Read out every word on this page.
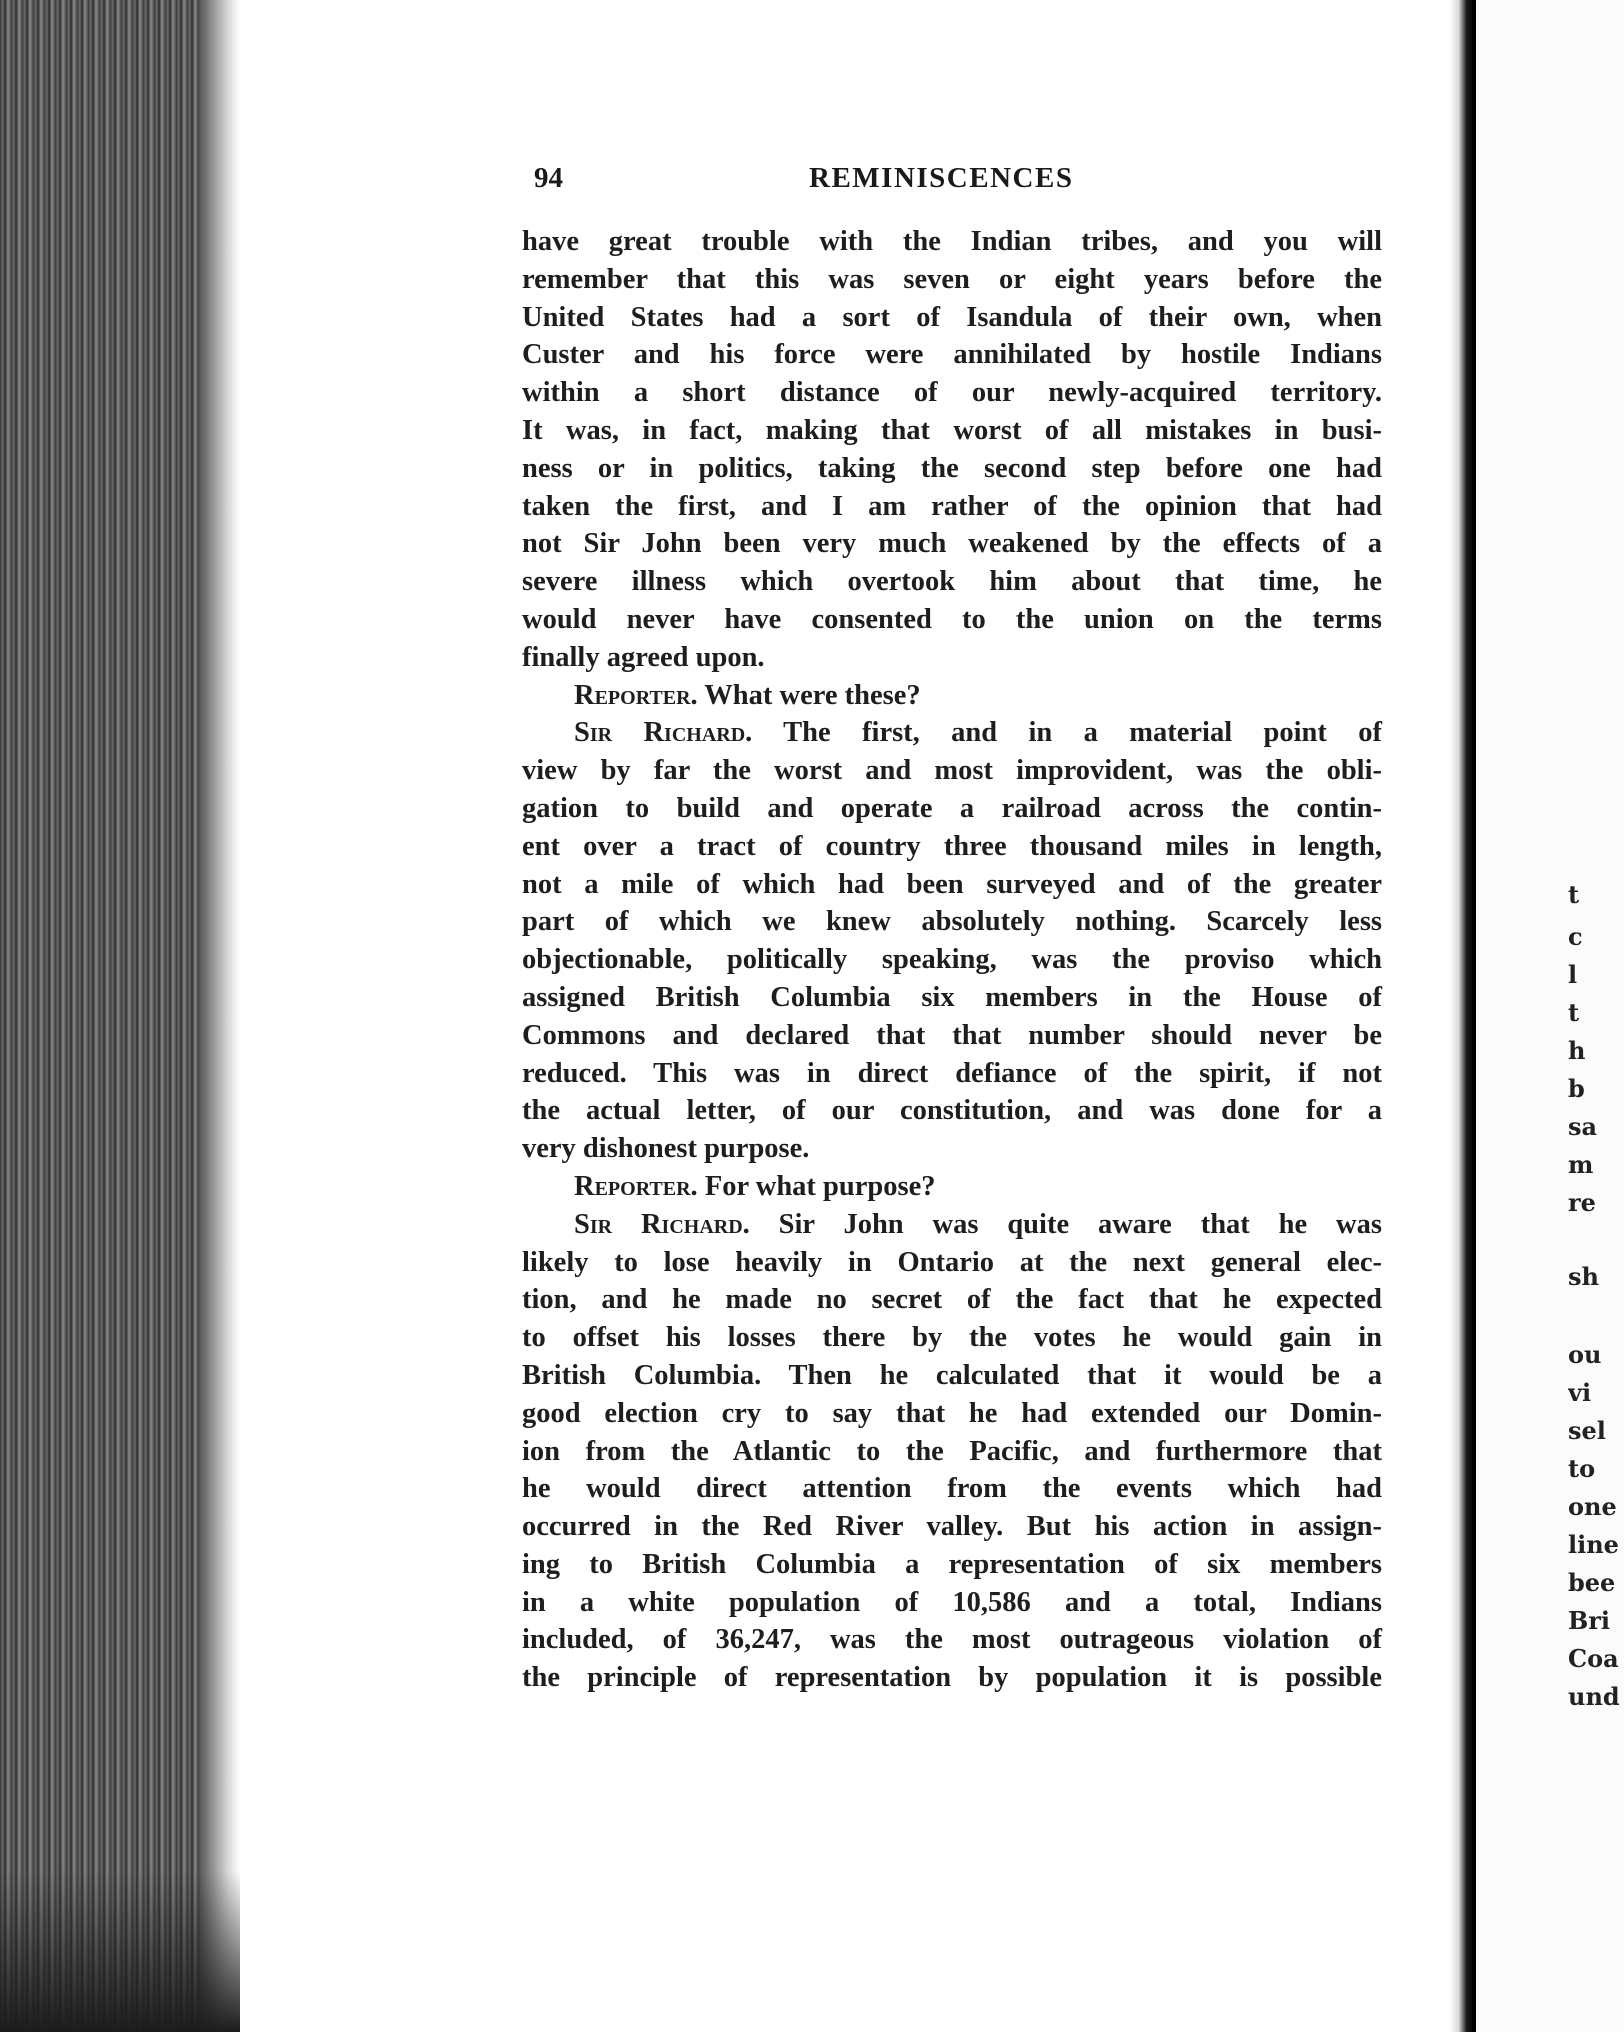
94	REMINISCENCES
have great trouble with the Indian tribes, and you will
remember that this was seven or eight years before the
United States had a sort of Isandula of their own, when
Custer and his force were annihilated by hostile Indians
within a short distance of our newly-acquired territory.
It was, in fact, making that worst of all mistakes in busi-
ness or in politics, taking the second step before one had
taken the first, and I am rather of the opinion that had
not Sir John been very much weakened by the effects of a
severe illness which overtook him about that time, he
would never have consented to the union on the terms
finally agreed upon.
Reporter. What were these?
Sir Richard. The first, and in a material point of
view by far the worst and most improvident, was the obli-
gation to build and operate a railroad across the contin-
ent over a tract of country three thousand miles in length,
not a mile of which had been surveyed and of the greater
part of which we knew absolutely nothing. Scarcely less
objectionable, politically speaking, was the proviso which
assigned British Columbia six members in the House of
Commons and declared that that number should never be
reduced. This was in direct defiance of the spirit, if not
the actual letter, of our constitution, and was done for a
very dishonest purpose.
Reporter. For what purpose?
Sir Richard. Sir John was quite aware that he was
likely to lose heavily in Ontario at the next general elec-
tion, and he made no secret of the fact that he expected
to offset his losses there by the votes he would gain in
British Columbia. Then he calculated that it would be a
good election cry to say that he had extended our Domin-
ion from the Atlantic to the Pacific, and furthermore that
he would direct attention from the events which had
occurred in the Red River valley. But his action in assign-
ing to British Columbia a representation of six members
in a white population of 10,586 and a total, Indians
included, of 36,247, was the most outrageous violation of
the principle of representation by population it is possible
t
c
l
t
h
b
sa
m
re
sh
ou
vi
sel
to
one
line
bee
Bri
Coa
und
